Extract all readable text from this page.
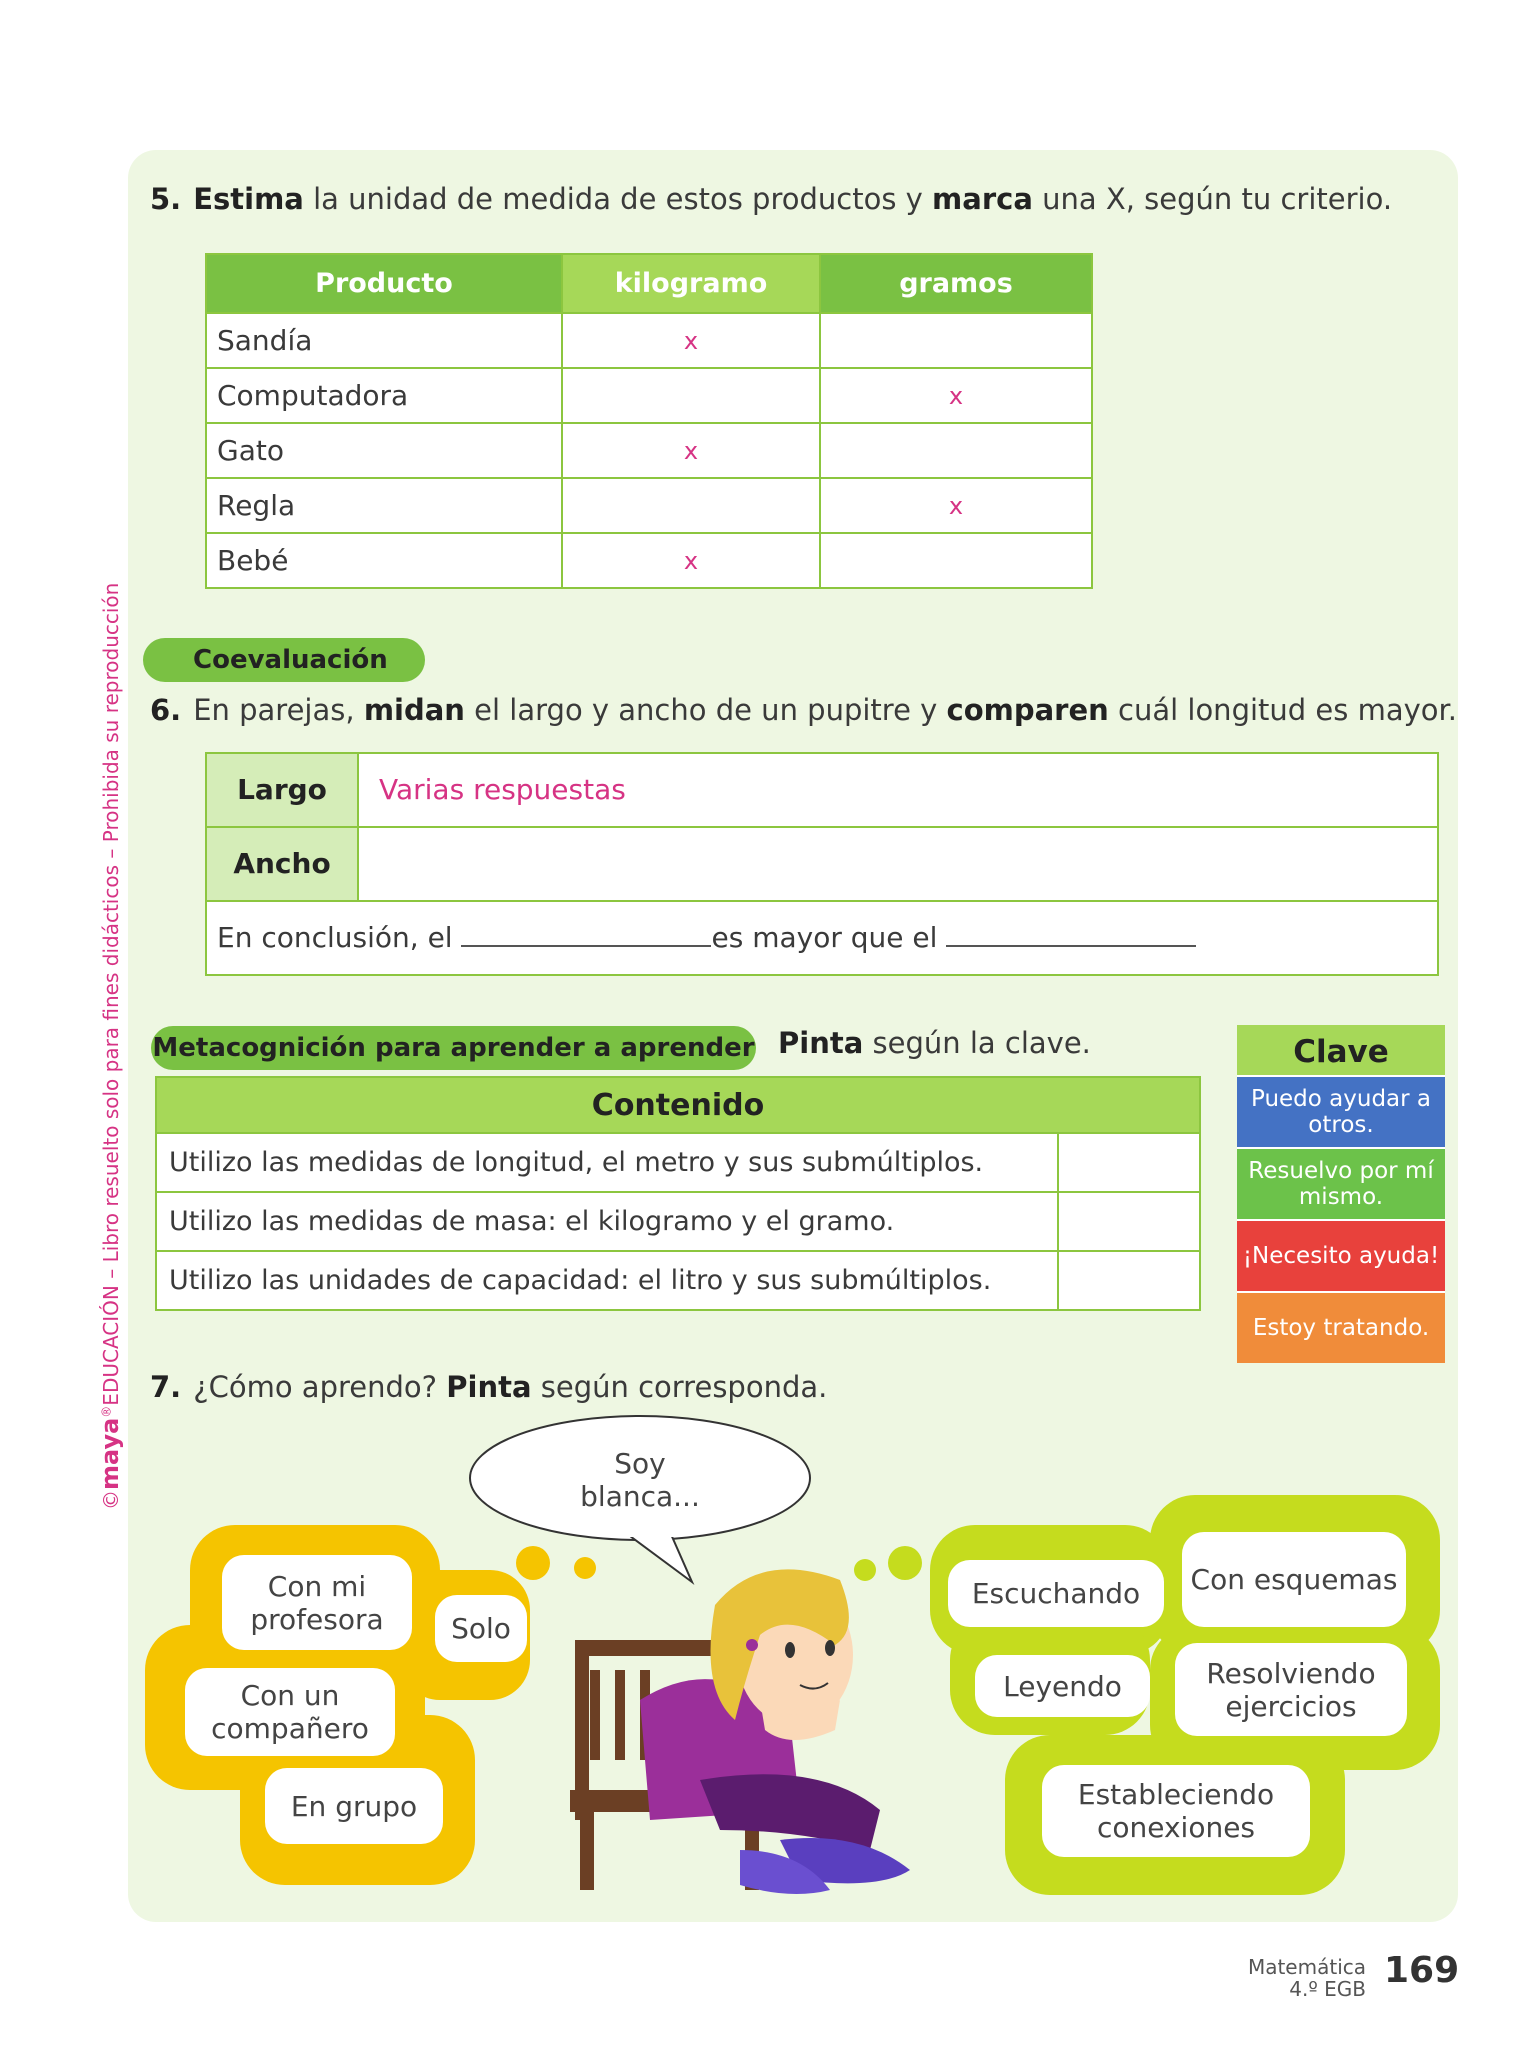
©maya®EDUCACIÓN – Libro resuelto solo para fines didácticos – Prohibida su reproducción
5. Estima la unidad de medida de estos productos y marca una X, según tu criterio.
Producto	kilogramo	gramos
Sandía	x	
Computadora		x
Gato	x	
Regla		x
Bebé	x	
Coevaluación
6. En parejas, midan el largo y ancho de un pupitre y comparen cuál longitud es mayor.
Largo	Varias respuestas
Ancho
En conclusión, el	es mayor que el
Metacognición para aprender a aprender Pinta según la clave.
Contenido	
Utilizo las medidas de longitud, el metro y sus submúltiplos.	
Utilizo las medidas de masa: el kilogramo y el gramo.	
Utilizo las unidades de capacidad: el litro y sus submúltiplos.	
Clave
Puedo ayudar a otros.
Resuelvo por mí mismo.
¡Necesito ayuda!
Estoy tratando.
7. ¿Cómo aprendo? Pinta según corresponda.
Soy blanca...
Con mi profesora	Solo
Con un compañero
En grupo
Escuchando	Con esquemas
Leyendo	Resolviendo ejercicios
Estableciendo conexiones
Matemática
4.º EGB 169
